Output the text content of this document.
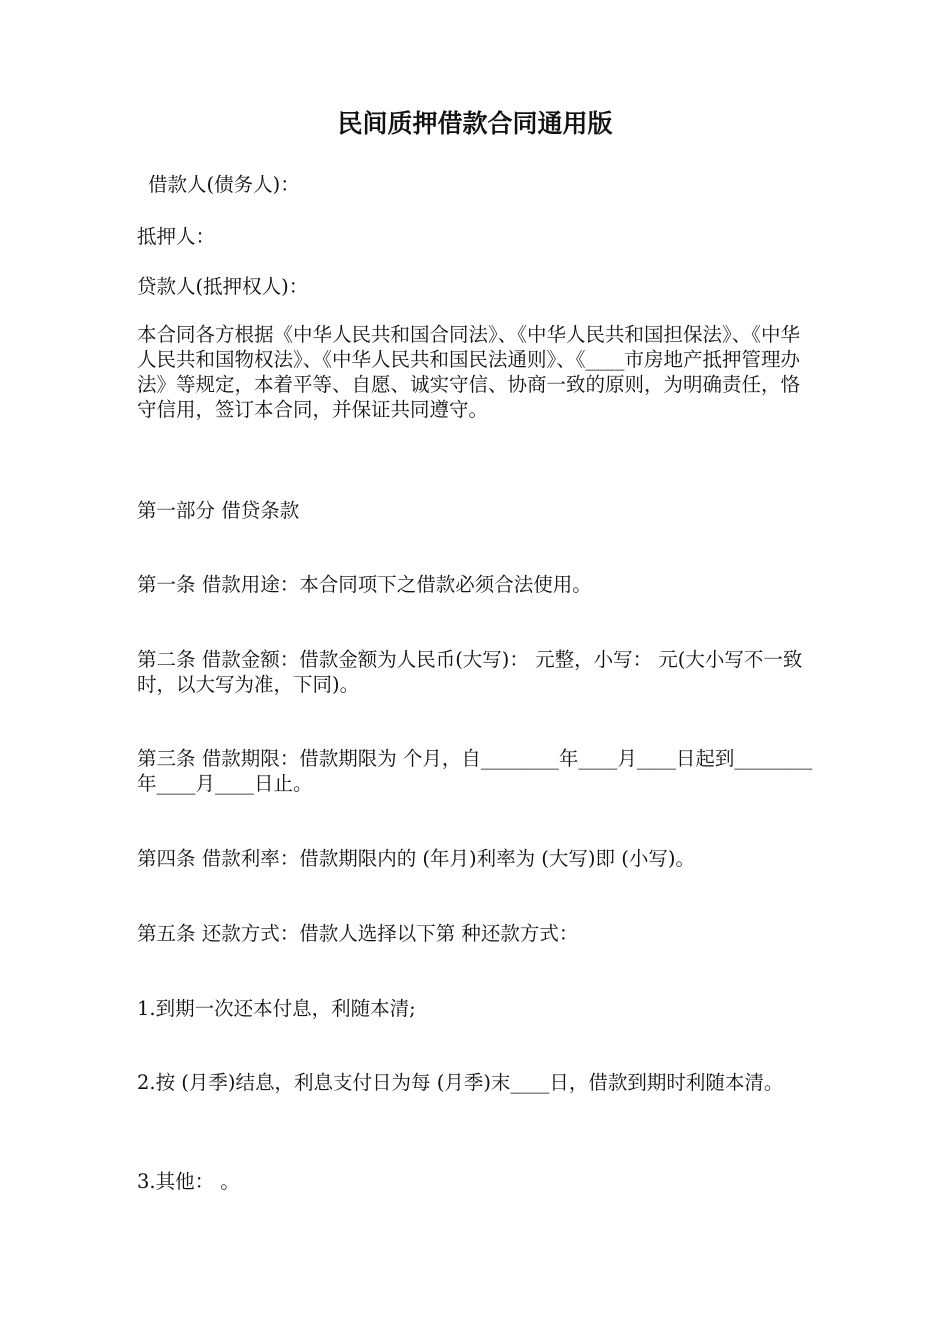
民间质押借款合同通用版
借款人(债务人)：
抵押人：
贷款人(抵押权人)：
本合同各方根据《中华人民共和国合同法》、《中华人民共和国担保法》、《中华人民共和国物权法》、《中华人民共和国民法通则》、《____市房地产抵押管理办法》等规定，本着平等、自愿、诚实守信、协商一致的原则，为明确责任，恪守信用，签订本合同，并保证共同遵守。
第一部分 借贷条款
第一条 借款用途：本合同项下之借款必须合法使用。
第二条 借款金额：借款金额为人民币(大写)： 元整，小写： 元(大小写不一致时，以大写为准，下同)。
第三条 借款期限：借款期限为 个月，自________年____月____日起到________年____月____日止。
第四条 借款利率：借款期限内的 (年月)利率为 (大写)即 (小写)。
第五条 还款方式：借款人选择以下第 种还款方式：
1.到期一次还本付息，利随本清;
2.按 (月季)结息，利息支付日为每 (月季)末____日，借款到期时利随本清。
3.其他： 。
